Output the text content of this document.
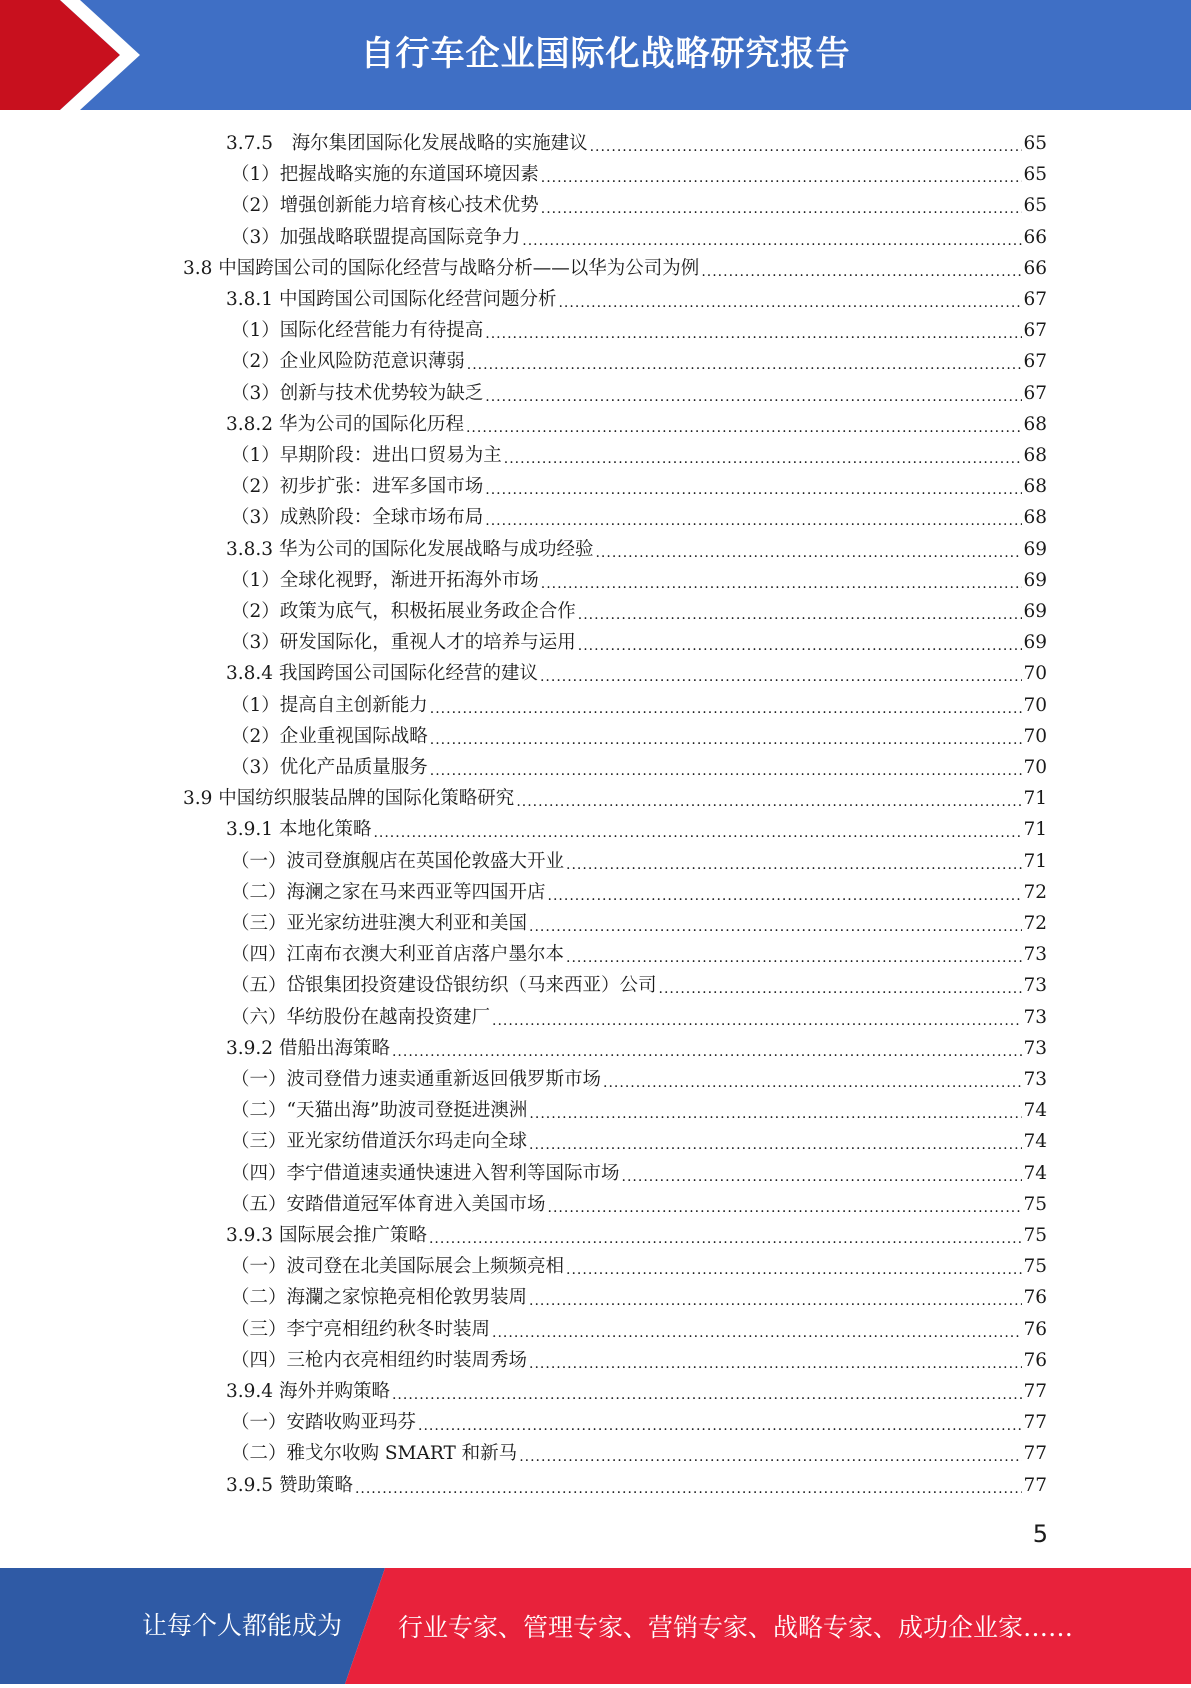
自行车企业国际化战略研究报告
3.7.5　海尔集团国际化发展战略的实施建议 .....	65
（1）把握战略实施的东道国环境因素 .....	65
（2）增强创新能力培育核心技术优势 .....	65
（3）加强战略联盟提高国际竞争力 .....	66
3.8 中国跨国公司的国际化经营与战略分析——以华为公司为例 .....	66
3.8.1 中国跨国公司国际化经营问题分析 .....	67
（1）国际化经营能力有待提高 .....	67
（2）企业风险防范意识薄弱 .....	67
（3）创新与技术优势较为缺乏 .....	67
3.8.2 华为公司的国际化历程 .....	68
（1）早期阶段：进出口贸易为主 .....	68
（2）初步扩张：进军多国市场 .....	68
（3）成熟阶段：全球市场布局 .....	68
3.8.3 华为公司的国际化发展战略与成功经验 .....	69
（1）全球化视野，渐进开拓海外市场 .....	69
（2）政策为底气，积极拓展业务政企合作 .....	69
（3）研发国际化，重视人才的培养与运用 .....	69
3.8.4 我国跨国公司国际化经营的建议 .....	70
（1）提高自主创新能力 .....	70
（2）企业重视国际战略 .....	70
（3）优化产品质量服务 .....	70
3.9 中国纺织服装品牌的国际化策略研究 .....	71
3.9.1 本地化策略 .....	71
（一）波司登旗舰店在英国伦敦盛大开业 .....	71
（二）海澜之家在马来西亚等四国开店 .....	72
（三）亚光家纺进驻澳大利亚和美国 .....	72
（四）江南布衣澳大利亚首店落户墨尔本 .....	73
（五）岱银集团投资建设岱银纺织（马来西亚）公司 .....	73
（六）华纺股份在越南投资建厂 .....	73
3.9.2 借船出海策略 .....	73
（一）波司登借力速卖通重新返回俄罗斯市场 .....	73
（二）“天猫出海”助波司登挺进澳洲 .....	74
（三）亚光家纺借道沃尔玛走向全球 .....	74
（四）李宁借道速卖通快速进入智利等国际市场 .....	74
（五）安踏借道冠军体育进入美国市场 .....	75
3.9.3 国际展会推广策略 .....	75
（一）波司登在北美国际展会上频频亮相 .....	75
（二）海瀾之家惊艳亮相伦敦男装周 .....	76
（三）李宁亮相纽约秋冬时装周 .....	76
（四）三枪内衣亮相纽约时装周秀场 .....	76
3.9.4 海外并购策略 .....	77
（一）安踏收购亚玛芬 .....	77
（二）雅戈尔收购 SMART 和新马 .....	77
3.9.5 赞助策略 .....	77
5
让每个人都能成为 行业专家、管理专家、营销专家、战略专家、成功企业家……
